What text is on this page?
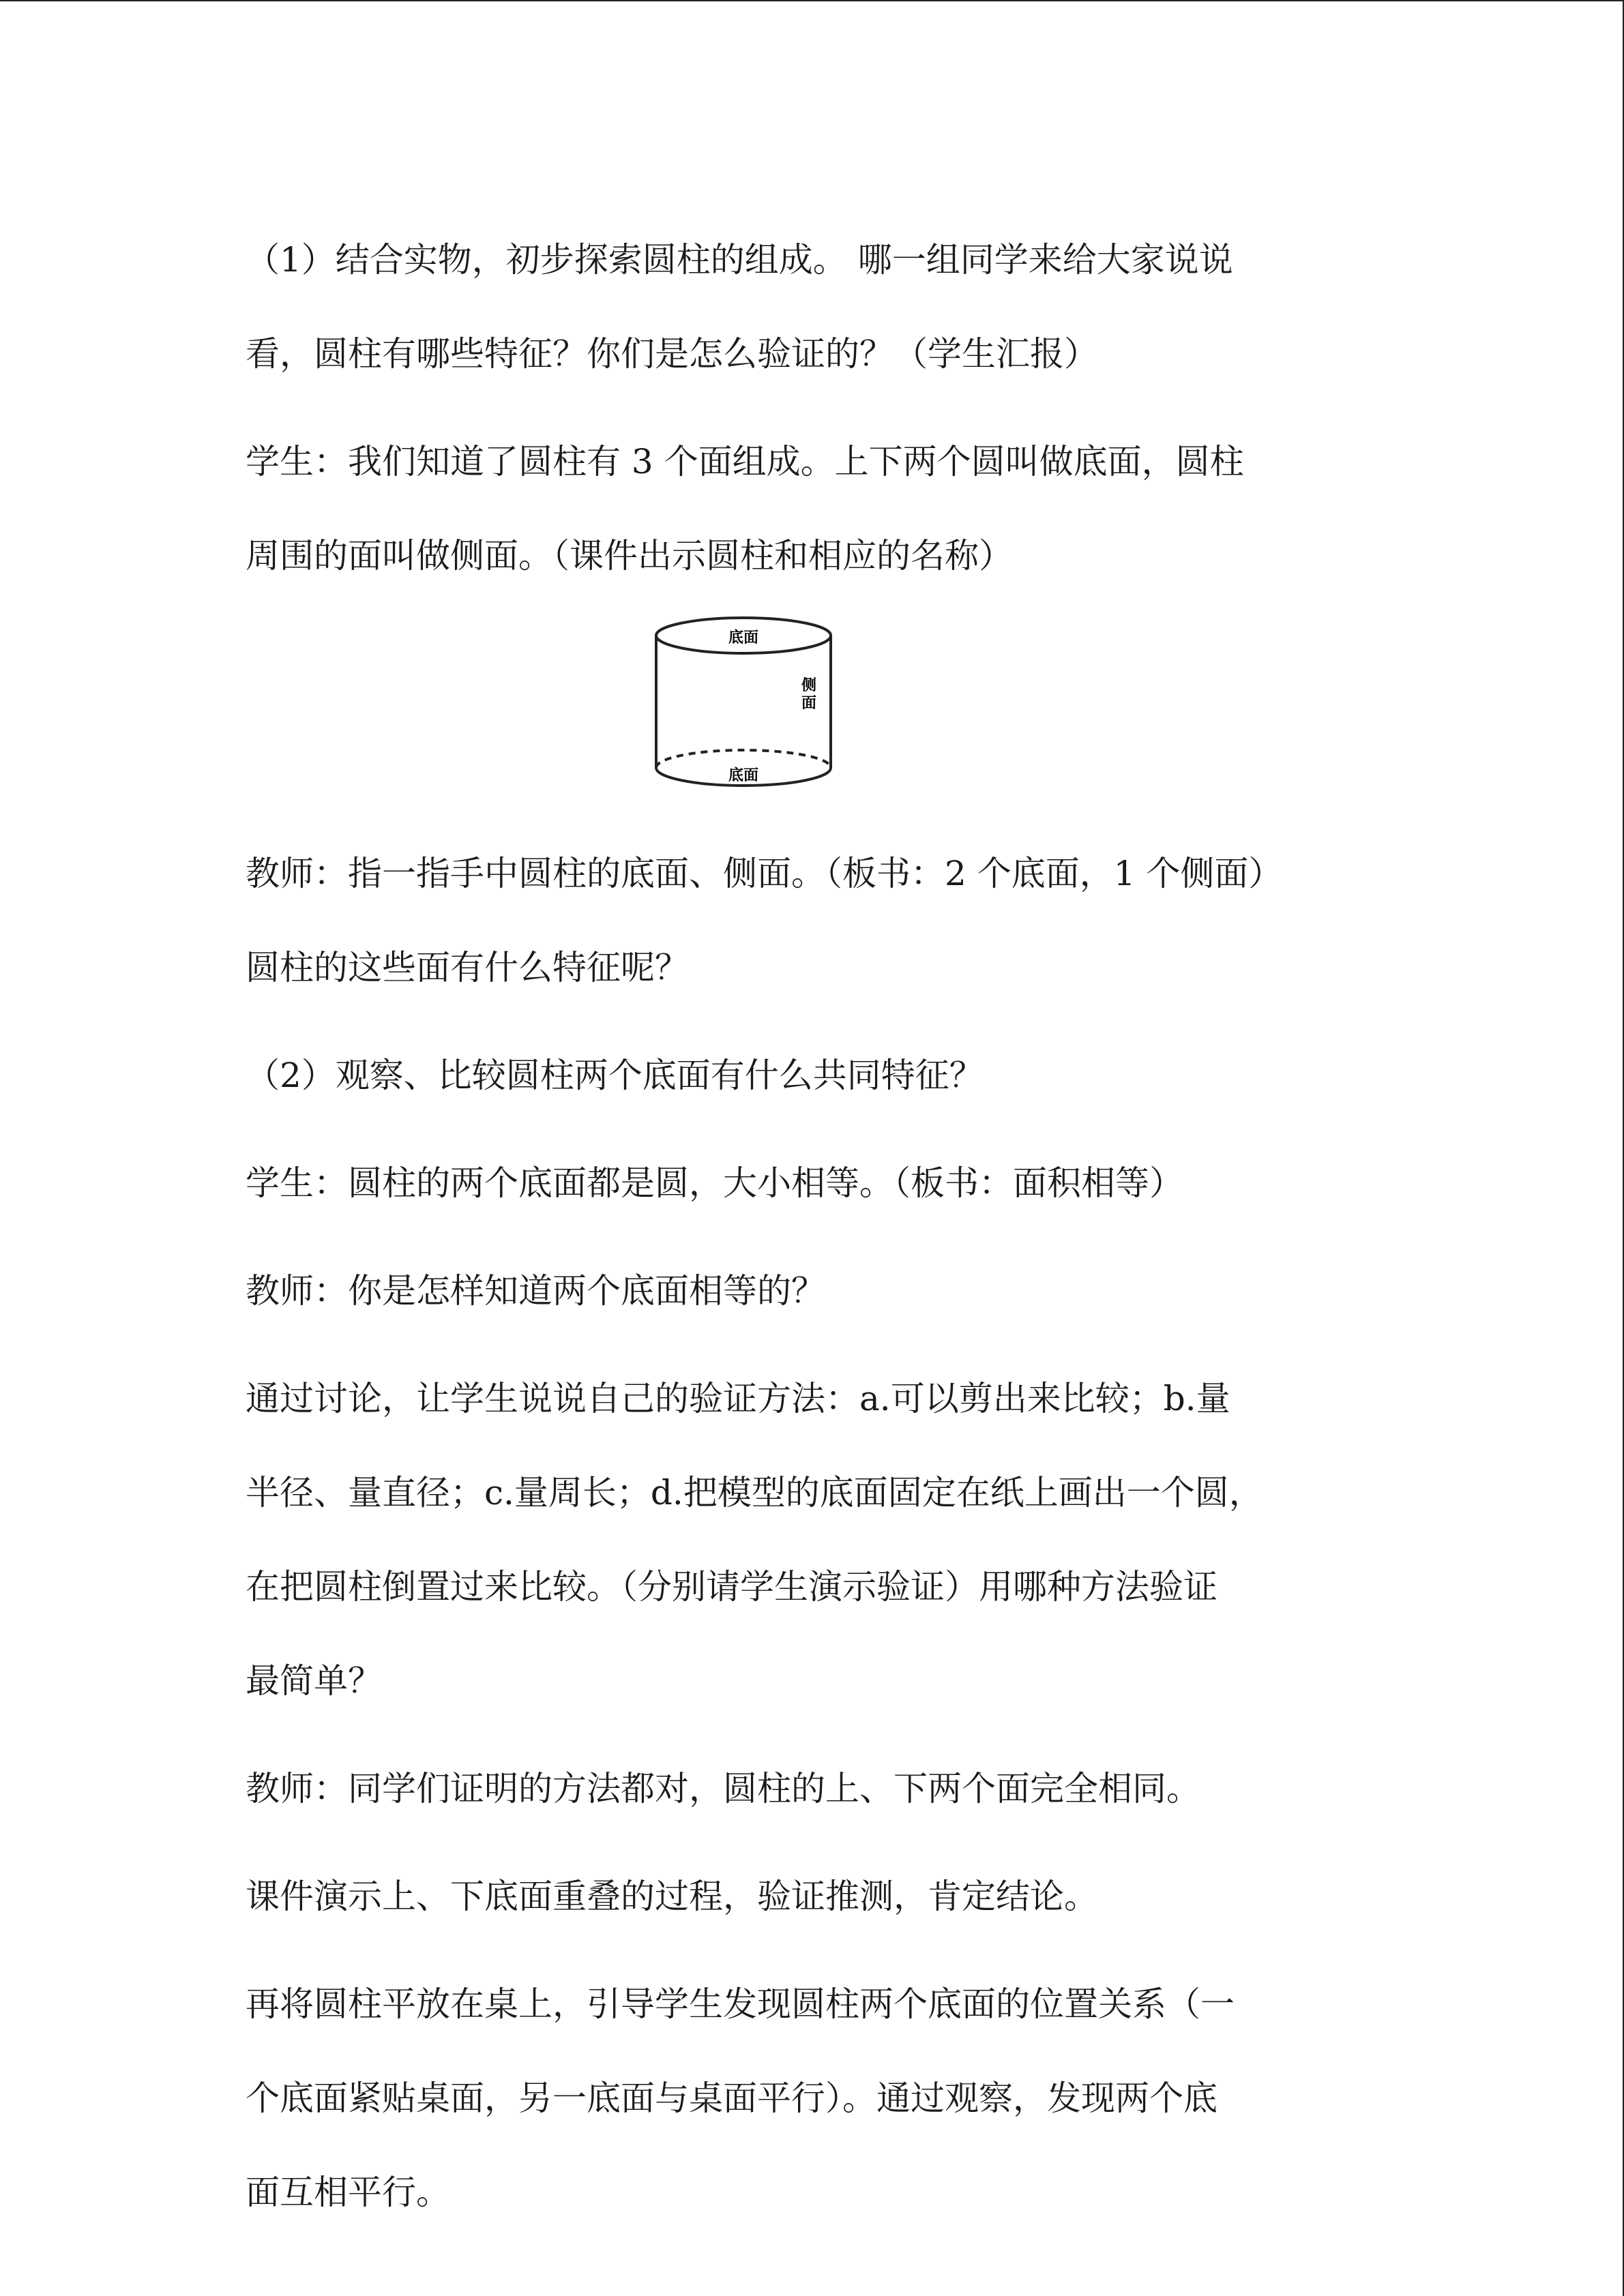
（1）结合实物，初步探索圆柱的组成。 哪一组同学来给大家说说

看，圆柱有哪些特征？你们是怎么验证的？（学生汇报）

学生：我们知道了圆柱有 3 个面组成。上下两个圆叫做底面，圆柱

周围的面叫做侧面。（课件出示圆柱和相应的名称）

底面
侧
面
底面

教师：指一指手中圆柱的底面、侧面。（板书：2 个底面，1 个侧面）

圆柱的这些面有什么特征呢？

（2）观察、比较圆柱两个底面有什么共同特征？

学生：圆柱的两个底面都是圆，大小相等。（板书：面积相等）

教师：你是怎样知道两个底面相等的？

通过讨论，让学生说说自己的验证方法：a.可以剪出来比较；b.量

半径、量直径；c.量周长；d.把模型的底面固定在纸上画出一个圆，

在把圆柱倒置过来比较。（分别请学生演示验证）用哪种方法验证

最简单？

教师：同学们证明的方法都对，圆柱的上、下两个面完全相同。

课件演示上、下底面重叠的过程，验证推测，肯定结论。

再将圆柱平放在桌上，引导学生发现圆柱两个底面的位置关系（一

个底面紧贴桌面，另一底面与桌面平行）。通过观察，发现两个底

面互相平行。
